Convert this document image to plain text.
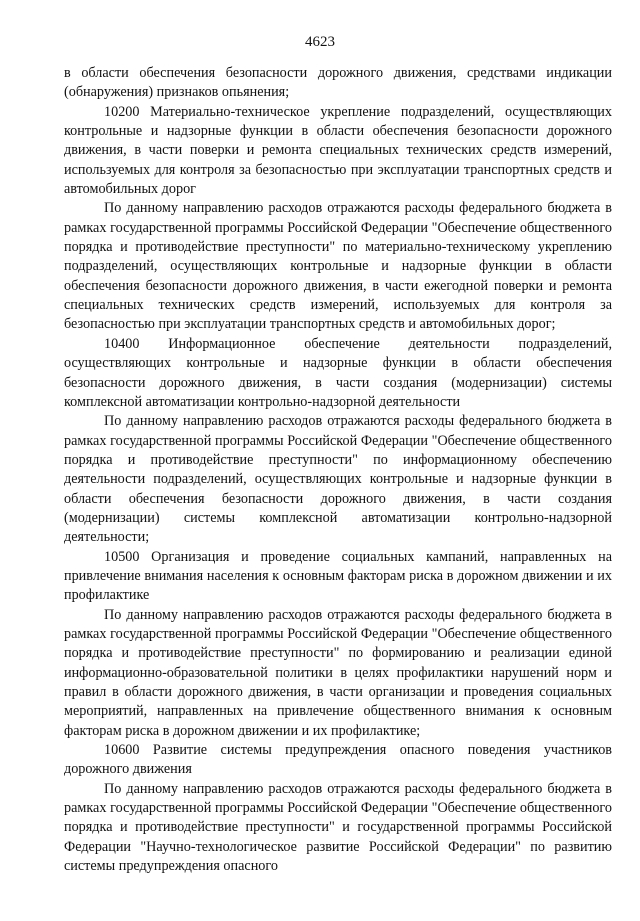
4623

в области обеспечения безопасности дорожного движения, средствами индикации (обнаружения) признаков опьянения;

10200 Материально-техническое укрепление подразделений, осуществляющих контрольные и надзорные функции в области обеспечения безопасности дорожного движения, в части поверки и ремонта специальных технических средств измерений, используемых для контроля за безопасностью при эксплуатации транспортных средств и автомобильных дорог

По данному направлению расходов отражаются расходы федерального бюджета в рамках государственной программы Российской Федерации "Обеспечение общественного порядка и противодействие преступности" по материально-техническому укреплению подразделений, осуществляющих контрольные и надзорные функции в области обеспечения безопасности дорожного движения, в части ежегодной поверки и ремонта специальных технических средств измерений, используемых для контроля за безопасностью при эксплуатации транспортных средств и автомобильных дорог;

10400 Информационное обеспечение деятельности подразделений, осуществляющих контрольные и надзорные функции в области обеспечения безопасности дорожного движения, в части создания (модернизации) системы комплексной автоматизации контрольно-надзорной деятельности

По данному направлению расходов отражаются расходы федерального бюджета в рамках государственной программы Российской Федерации "Обеспечение общественного порядка и противодействие преступности" по информационному обеспечению деятельности подразделений, осуществляющих контрольные и надзорные функции в области обеспечения безопасности дорожного движения, в части создания (модернизации) системы комплексной автоматизации контрольно-надзорной деятельности;

10500 Организация и проведение социальных кампаний, направленных на привлечение внимания населения к основным факторам риска в дорожном движении и их профилактике

По данному направлению расходов отражаются расходы федерального бюджета в рамках государственной программы Российской Федерации "Обеспечение общественного порядка и противодействие преступности" по формированию и реализации единой информационно-образовательной политики в целях профилактики нарушений норм и правил в области дорожного движения, в части организации и проведения социальных мероприятий, направленных на привлечение общественного внимания к основным факторам риска в дорожном движении и их профилактике;

10600 Развитие системы предупреждения опасного поведения участников дорожного движения

По данному направлению расходов отражаются расходы федерального бюджета в рамках государственной программы Российской Федерации "Обеспечение общественного порядка и противодействие преступности" и государственной программы Российской Федерации "Научно-технологическое развитие Российской Федерации" по развитию системы предупреждения опасного
